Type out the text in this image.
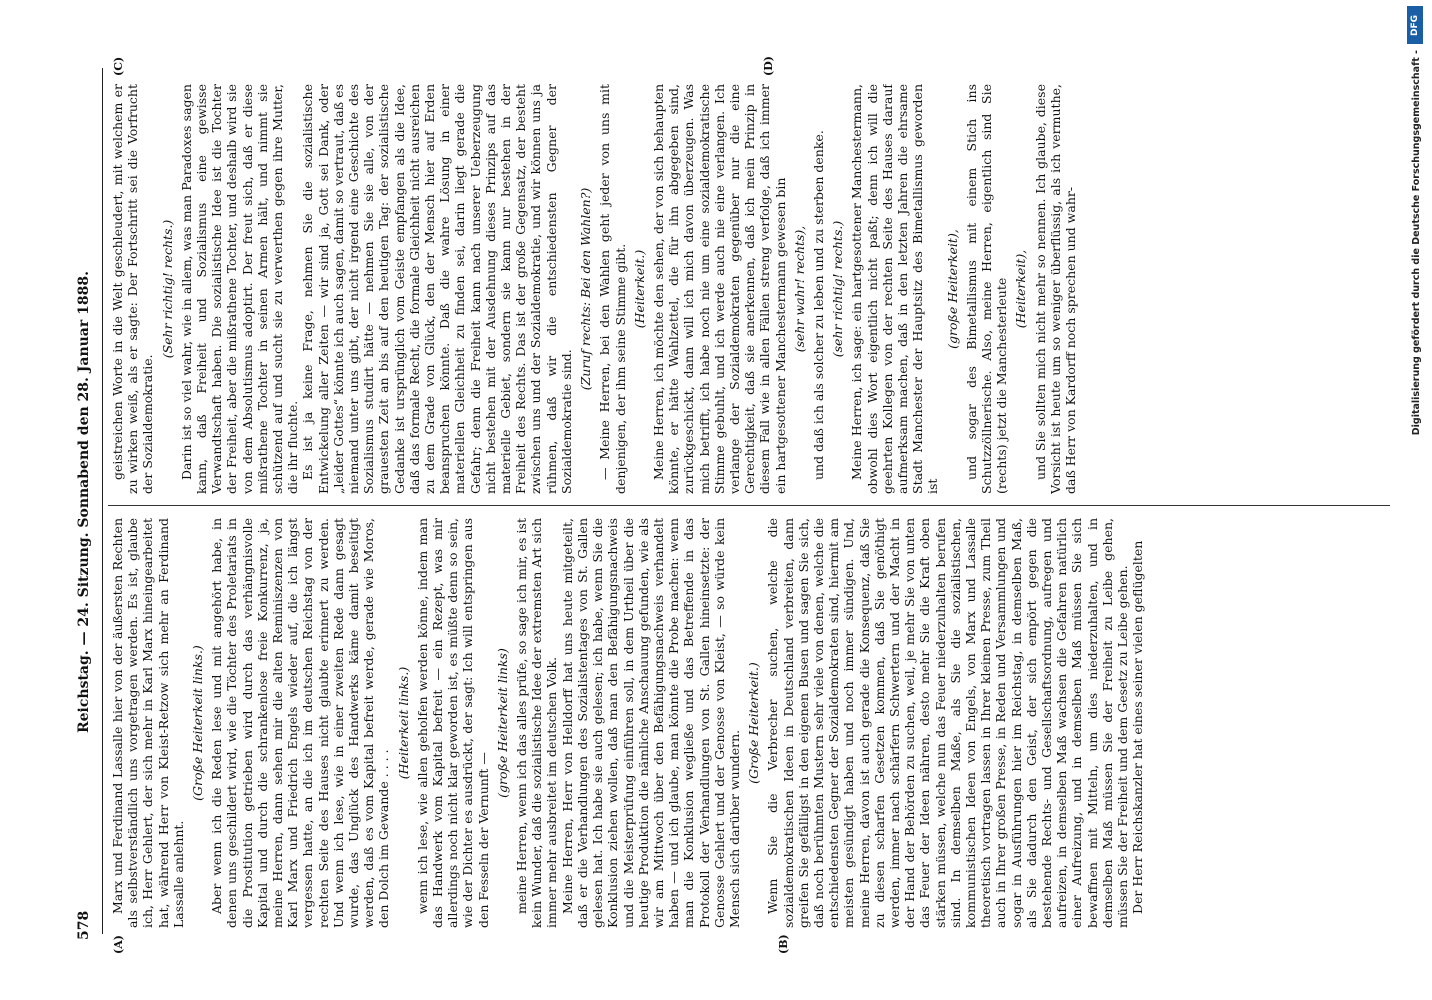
578
Reichstag. — 24. Sitzung. Sonnabend den 28. Januar 1888.
(A)	(B)
(C)	(D)

Marx und Ferdinand Lassalle hier von der äußersten Rechten als selbstverständlich uns vorgetragen werden. Es ist, glaube ich, Herr Gehlert, der sich mehr in Karl Marx hineingearbeitet hat, während Herr von Kleist-Retzow sich mehr an Ferdinand Lassalle anlehnt.

(Große Heiterkeit links.) Aber wenn ich die Reden lese und mit angehört habe, in denen uns geschildert wird, wie die Töchter des Proletariats in die Prostitution getrieben wird durch das verhängnisvolle Kapital und durch die schrankenlose freie Konkurrenz, ja, meine Herren, dann sehen mir die alten Reminiszenzen von Karl Marx und Friedrich Engels wieder auf, die ich längst vergessen hatte, an die ich im deutschen Reichstag von der rechten Seite des Hauses nicht glaubte erinnert zu werden. Und wenn ich lese, wie in einer zweiten Rede dann gesagt wurde, das Unglück des Handwerks käme damit beseitigt werden, daß es vom Kapital befreit werde, gerade wie Moros, den Dolch im Gewande . . . .

(Heiterkeit links.) wenn ich lese, wie allen geholfen werden könne, indem man das Handwerk vom Kapital befreit — ein Rezept, was mir allerdings noch nicht klar geworden ist, es müßte denn so sein, wie der Dichter es ausdrückt, der sagt: Ich will entspringen aus den Fesseln der Vernunft —

(große Heiterkeit links) meine Herren, wenn ich das alles prüfe, so sage ich mir, es ist kein Wunder, daß die sozialistische Idee der extremsten Art sich immer mehr ausbreitet im deutschen Volk. Meine Herren, Herr von Helldorff hat uns heute mitgeteilt, daß er die Verhandlungen des Sozialistentages von St. Gallen gelesen hat. Ich habe sie auch gelesen; ich habe, wenn Sie die Konklusion ziehen wollen, daß man den Befähigungsnachweis und die Meisterprüfung einführen soll, in dem Urtheil über die heutige Produktion die nämliche Anschauung gefunden, wie als wir am Mittwoch über den Befähigungsnachweis verhandelt haben — und ich glaube, man könnte die Probe machen: wenn man die Konklusion wegließe und das Betreffende in das Protokoll der Verhandlungen von St. Gallen hineinsetzte: der Genosse Gehlert und der Genosse von Kleist, — so würde kein Mensch sich darüber wundern.

(Große Heiterkeit.) Wenn Sie die Verbrecher suchen, welche die sozialdemokratischen Ideen in Deutschland verbreiten, dann greifen Sie gefälligst in den eigenen Busen und sagen Sie sich, daß noch berühmten Mustern sehr viele von denen, welche die entschiedensten Gegner der Sozialdemokraten sind, hiermit am meisten gesündigt haben und noch immer sündigen. Und, meine Herren, davon ist auch gerade die Konsequenz, daß Sie zu diesen scharfen Gesetzen kommen, daß Sie genöthigt werden, immer nach schärfern Schwertern und der Macht in der Hand der Behörden zu suchen, weil, je mehr Sie von unten das Feuer der Ideen nähren, desto mehr Sie die Kraft oben stärken müssen, welche nun das Feuer niederzuhalten berufen sind. In demselben Maße, als Sie die sozialistischen, kommunistischen Ideen von Engels, von Marx und Lassalle theoretisch vortragen lassen in Ihrer kleinen Presse, zum Theil auch in Ihrer großen Presse, in Reden und Versammlungen und sogar in Ausführungen hier im Reichstag, in demselben Maß, als Sie dadurch den Geist, der sich empört gegen die bestehende Rechts- und Gesellschaftsordnung, aufregen und aufreizen, in demselben Maß wachsen die Gefahren natürlich einer Aufreizung, und in demselben Maß müssen Sie sich bewaffnen mit Mitteln, um dies niederzuhalten, und in demselben Maß müssen Sie der Freiheit zu Leibe gehen, müssen Sie der Freiheit und dem Gesetz zu Leibe gehen. Der Herr Reichskanzler hat eines seiner vielen geflügelten

geistreichen Worte in die Welt geschleudert, mit welchem er zu wirken weiß, als er sagte: Der Fortschritt sei die Vorfrucht der Sozialdemokratie.

(Sehr richtig! rechts.) Darin ist so viel wahr, wie in allem, was man Paradoxes sagen kann, daß Freiheit und Sozialismus eine gewisse Verwandtschaft haben. Die sozialistische Idee ist die Tochter der Freiheit, aber die mißrathene Tochter, und deshalb wird sie von dem Absolutismus adoptirt. Der freut sich, daß er diese mißrathene Tochter in seinen Armen hält, und nimmt sie schützend auf und sucht sie zu verwerthen gegen ihre Mutter, die ihr fluchte. Es ist ja keine Frage, nehmen Sie die sozialistische Entwickelung aller Zeiten — wir sind ja, Gott sei Dank, oder „leider Gottes“ könnte ich auch sagen, damit so vertraut, daß es niemand unter uns gibt, der nicht irgend eine Geschichte des Sozialismus studirt hätte — nehmen Sie sie alle, von der grauesten Zeit an bis auf den heutigen Tag: der sozialistische Gedanke ist ursprünglich vom Geiste empfangen als die Idee, daß das formale Recht, die formale Gleichheit nicht ausreichen zu dem Grade von Glück, den der Mensch hier auf Erden beanspruchen könnte. Daß die wahre Lösung in einer materiellen Gleichheit zu finden sei, darin liegt gerade die Gefahr; denn die Freiheit kann nach unserer Ueberzeugung nicht bestehen mit der Ausdehnung dieses Prinzips auf das materielle Gebiet, sondern sie kann nur bestehen in der Freiheit des Rechts. Das ist der große Gegensatz, der besteht zwischen uns und der Sozialdemokratie, und wir können uns ja rühmen, daß wir die entschiedensten Gegner der Sozialdemokratie sind.

(Zuruf rechts: Bei den Wahlen?) — Meine Herren, bei den Wahlen geht jeder von uns mit denjenigen, der ihm seine Stimme gibt. (Heiterkeit.) Meine Herren, ich möchte den sehen, der von sich behaupten könnte, er hätte Wahlzettel, die für ihn abgegeben sind, zurückgeschickt, dann will ich mich davon überzeugen. Was mich betrifft, ich habe noch nie um eine sozialdemokratische Stimme gebuhlt, und ich werde auch nie eine verlangen. Ich verlange der Sozialdemokraten gegenüber nur die eine Gerechtigkeit, daß sie anerkennen, daß ich mein Prinzip in diesem Fall wie in allen Fällen streng verfolge, daß ich immer ein hartgesottener Manchestermann gewesen bin (sehr wahr! rechts), und daß ich als solcher zu leben und zu sterben denke. (sehr richtig! rechts.) Meine Herren, ich sage: ein hartgesottener Manchestermann, obwohl dies Wort eigentlich nicht paßt; denn ich will die geehrten Kollegen von der rechten Seite des Hauses darauf aufmerksam machen, daß in den letzten Jahren die ehrsame Stadt Manchester der Hauptsitz des Bimetallismus geworden ist

(große Heiterkeit), und sogar des Bimetallismus mit einem Stich ins Schutzzöllnerische. Also, meine Herren, eigentlich sind Sie (rechts) jetzt die Manchesterleute (Heiterkeit), und Sie sollten mich nicht mehr so nennen. Ich glaube, diese Vorsicht ist heute um so weniger überflüssig, als ich vermuthe, daß Herr von Kardorff noch sprechen und wahr-

DFG
Digitalisierung gefördert durch die Deutsche Forschungsgemeinschaft -
